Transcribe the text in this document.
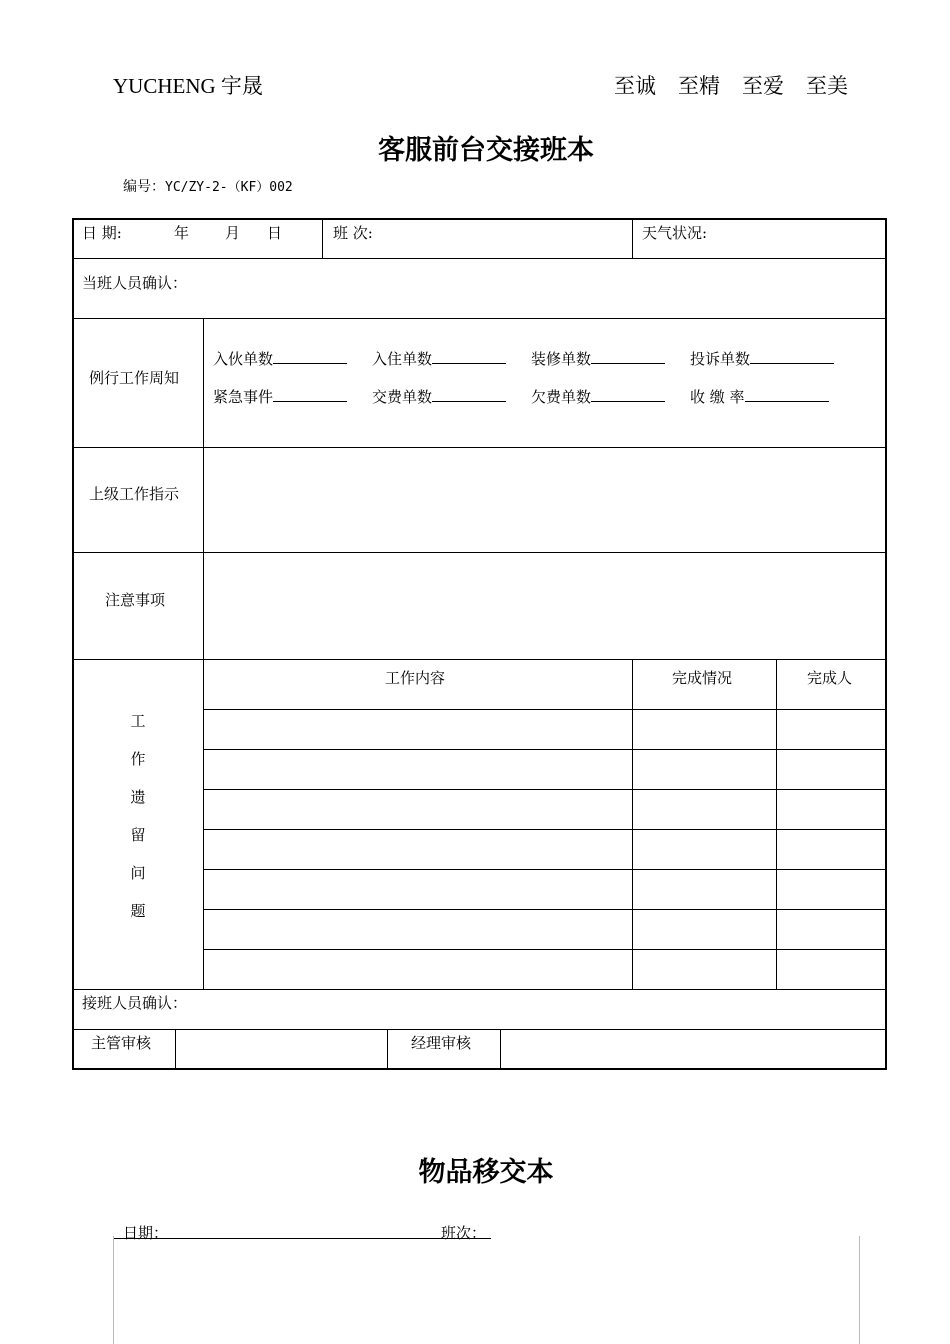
YUCHENG 宇晟	至诚 至精 至爱 至美
客服前台交接班本
编号：YC/ZY-2-（KF）002
日 期:	年 月 日	班 次:	天气状况:
当班人员确认：
例行工作周知
入伙单数	入住单数	装修单数	投诉单数
紧急事件	交费单数	欠费单数	收 缴 率
上级工作指示
注意事项
工作内容	完成情况	完成人
工
作
遗
留
问
题
接班人员确认：
主管审核	经理审核
物品移交本
日期：	班次：
